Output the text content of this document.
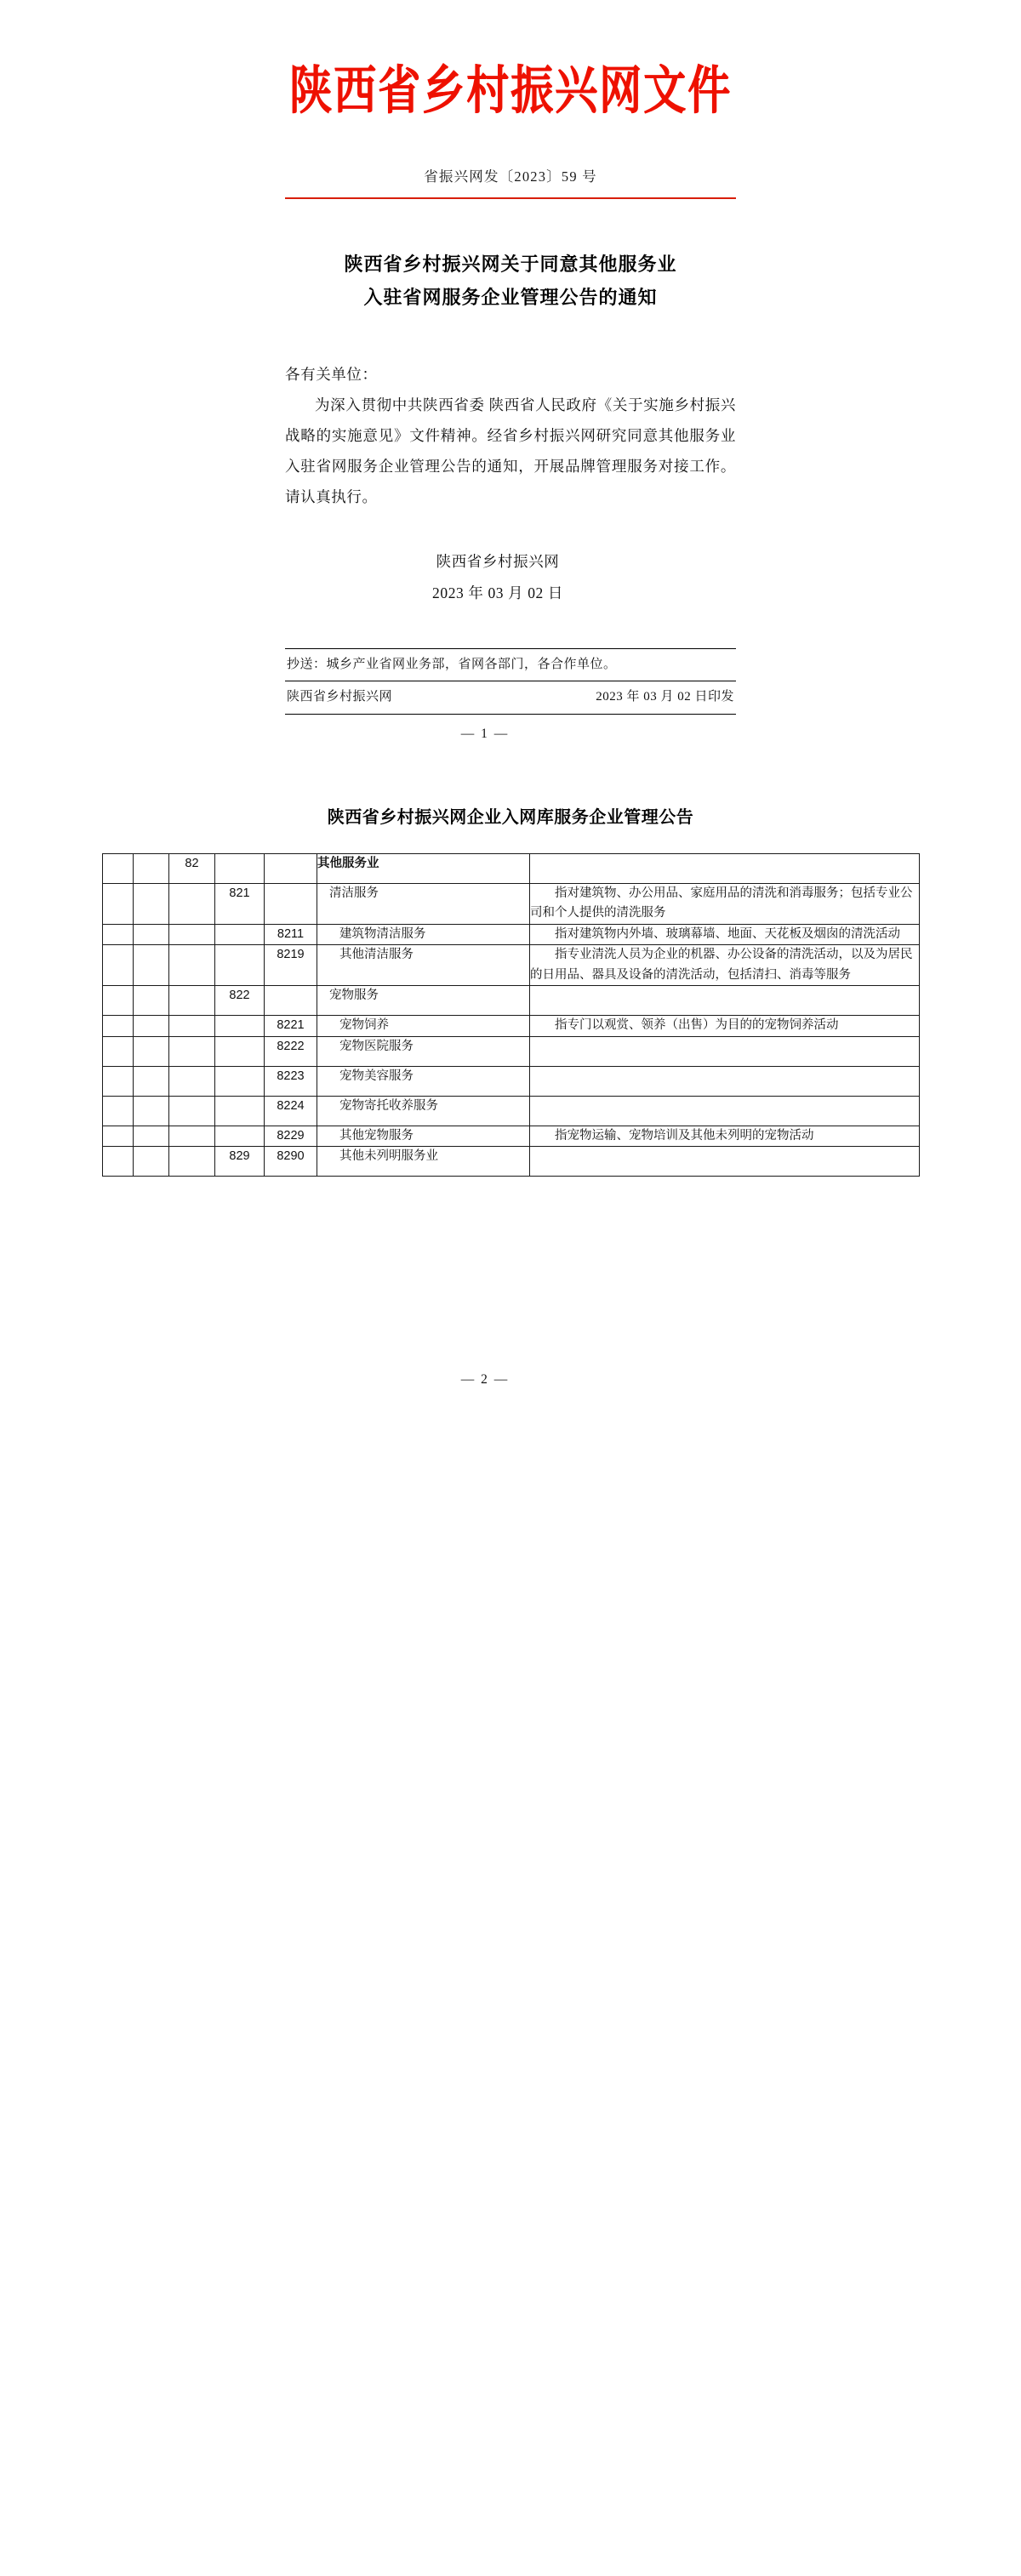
陕西省乡村振兴网文件
省振兴网发〔2023〕59 号
陕西省乡村振兴网关于同意其他服务业
入驻省网服务企业管理公告的通知
各有关单位：
为深入贯彻中共陕西省委 陕西省人民政府《关于实施乡村振兴战略的实施意见》文件精神。经省乡村振兴网研究同意其他服务业入驻省网服务企业管理公告的通知，开展品牌管理服务对接工作。请认真执行。
陕西省乡村振兴网
2023 年 03 月 02 日
抄送：城乡产业省网业务部，省网各部门，各合作单位。
陕西省乡村振兴网	2023 年 03 月 02 日印发
— 1 —
陕西省乡村振兴网企业入网库服务企业管理公告
		82			其他服务业	

			821		清洁服务	指对建筑物、办公用品、家庭用品的清洗和消毒服务；包括专业公司和个人提供的清洗服务

				8211	建筑物清洁服务	指对建筑物内外墙、玻璃幕墙、地面、天花板及烟囱的清洗活动

				8219	其他清洁服务	指专业清洗人员为企业的机器、办公设备的清洗活动，以及为居民的日用品、器具及设备的清洗活动，包括清扫、消毒等服务

			822		宠物服务	

				8221	宠物饲养	指专门以观赏、领养（出售）为目的的宠物饲养活动

				8222	宠物医院服务	

				8223	宠物美容服务	

				8224	宠物寄托收养服务	

				8229	其他宠物服务	指宠物运输、宠物培训及其他未列明的宠物活动

			829	8290	其他未列明服务业	

— 2 —
